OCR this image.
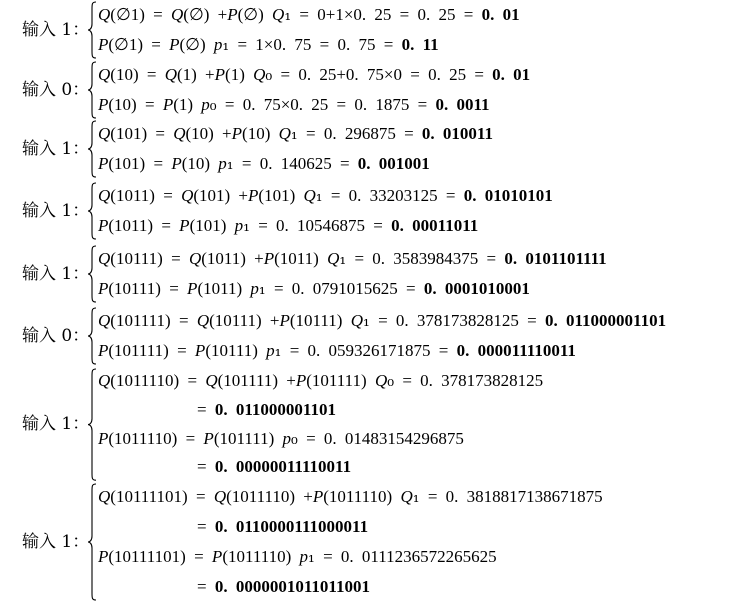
输入 1：
Q(∅1) = Q(∅) +P(∅) Q₁ = 0+1×0. 25 = 0. 25 = 0. 01
P(∅1) = P(∅) p₁ = 1×0. 75 = 0. 75 = 0. 11
输入 0：
Q(10) = Q(1) +P(1) Q₀ = 0. 25+0. 75×0 = 0. 25 = 0. 01
P(10) = P(1) p₀ = 0. 75×0. 25 = 0. 1875 = 0. 0011
输入 1：
Q(101) = Q(10) +P(10) Q₁ = 0. 296875 = 0. 010011
P(101) = P(10) p₁ = 0. 140625 = 0. 001001
输入 1：
Q(1011) = Q(101) +P(101) Q₁ = 0. 33203125 = 0. 01010101
P(1011) = P(101) p₁ = 0. 10546875 = 0. 00011011
输入 1：
Q(10111) = Q(1011) +P(1011) Q₁ = 0. 3583984375 = 0. 0101101111
P(10111) = P(1011) p₁ = 0. 0791015625 = 0. 0001010001
输入 0：
Q(101111) = Q(10111) +P(10111) Q₁ = 0. 378173828125 = 0. 011000001101
P(101111) = P(10111) p₁ = 0. 059326171875 = 0. 000011110011
输入 1：
Q(1011110) = Q(101111) +P(101111) Q₀ = 0. 378173828125
= 0. 011000001101
P(1011110) = P(101111) p₀ = 0. 01483154296875
= 0. 00000011110011
输入 1：
Q(10111101) = Q(1011110) +P(1011110) Q₁ = 0. 3818817138671875
= 0. 0110000111000011
P(10111101) = P(1011110) p₁ = 0. 0111236572265625
= 0. 0000001011011001
